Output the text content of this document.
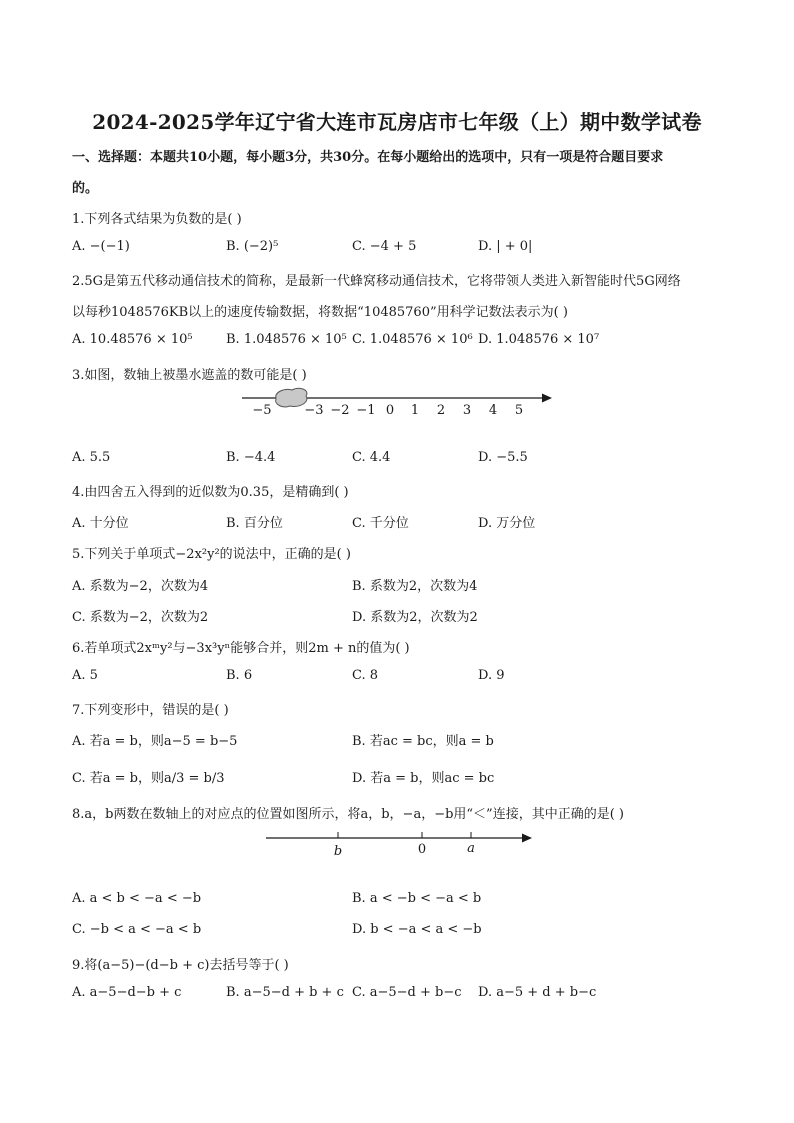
2024-2025学年辽宁省大连市瓦房店市七年级（上）期中数学试卷
一、选择题：本题共10小题，每小题3分，共30分。在每小题给出的选项中，只有一项是符合题目要求
的。
1.下列各式结果为负数的是( )
A. −(−1)	B. (−2)⁵	C. −4 + 5	D. | + 0|
2.5G是第五代移动通信技术的简称，是最新一代蜂窝移动通信技术，它将带领人类进入新智能时代5G网络
以每秒1048576KB以上的速度传输数据，将数据“10485760”用科学记数法表示为( )
A. 10.48576 × 10⁵	B. 1.048576 × 10⁵ C. 1.048576 × 10⁶ D. 1.048576 × 10⁷
3.如图，数轴上被墨水遮盖的数可能是( )
−5	−3 −2 −1 0 1 2 3 4 5
A. 5.5	B. −4.4	C. 4.4	D. −5.5
4.由四舍五入得到的近似数为0.35，是精确到( )
A. 十分位	B. 百分位	C. 千分位	D. 万分位
5.下列关于单项式−2x²y²的说法中，正确的是( )
A. 系数为−2，次数为4	B. 系数为2，次数为4
C. 系数为−2，次数为2	D. 系数为2，次数为2
6.若单项式2xᵐy²与−3x³yⁿ能够合并，则2m + n的值为( )
A. 5	B. 6	C. 8	D. 9
7.下列变形中，错误的是( )
A. 若a = b，则a−5 = b−5	B. 若ac = bc，则a = b
C. 若a = b，则a/3 = b/3	D. 若a = b，则ac = bc
8.a，b两数在数轴上的对应点的位置如图所示，将a，b，−a，−b用“＜”连接，其中正确的是( )
b	0	a
A. a < b < −a < −b	B. a < −b < −a < b
C. −b < a < −a < b	D. b < −a < a < −b
9.将(a−5)−(d−b + c)去括号等于( )
A. a−5−d−b + c	B. a−5−d + b + c C. a−5−d + b−c D. a−5 + d + b−c
